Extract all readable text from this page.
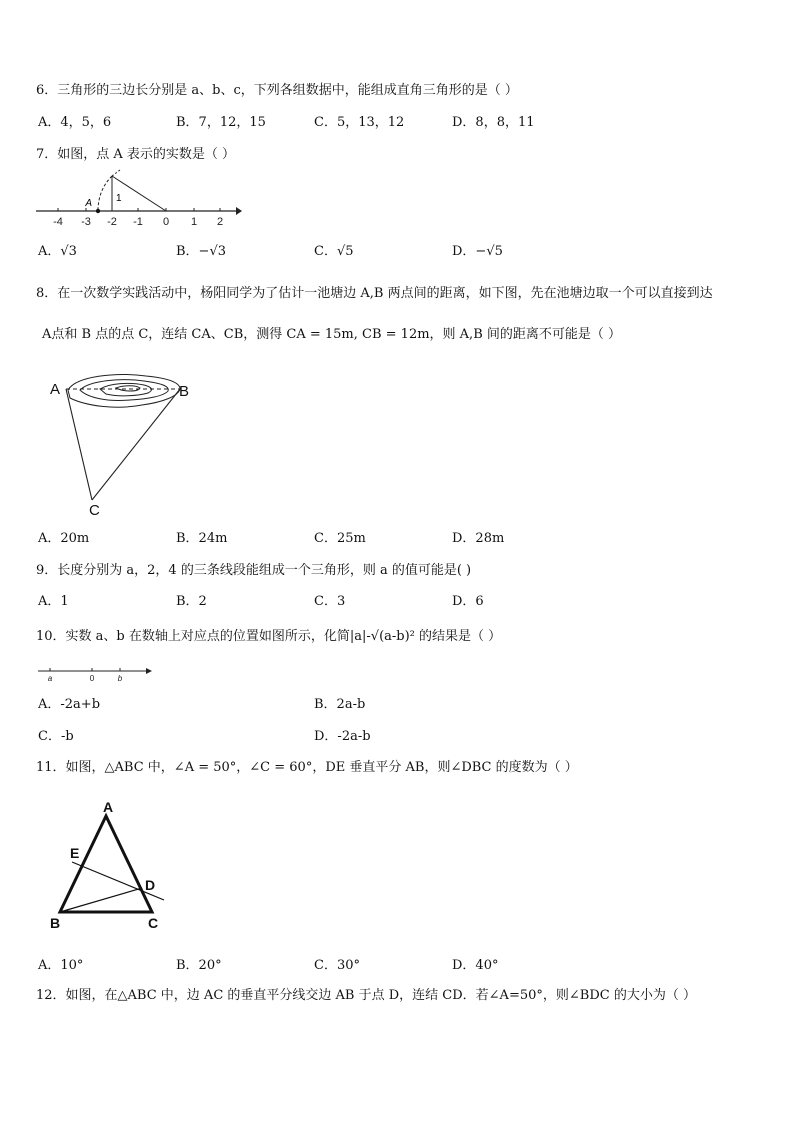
6．三角形的三边长分别是 a、b、c，下列各组数据中，能组成直角三角形的是（ ）
A．4，5，6	B．7，12，15	C．5，13，12	D．8，8，11
7．如图，点 A 表示的实数是（ ）
-4 -3 -2 -1 0 1 2
A 1
A．√3	B．−√3	C．√5	D．−√5
8．在一次数学实践活动中，杨阳同学为了估计一池塘边 A,B 两点间的距离，如下图，先在池塘边取一个可以直接到达
A点和 B 点的点 C，连结 CA、CB，测得 CA = 15m, CB = 12m，则 A,B 间的距离不可能是（ ）
A	B
C
A．20m	B．24m	C．25m	D．28m
9．长度分别为 a，2，4 的三条线段能组成一个三角形，则 a 的值可能是( )
A．1	B．2	C．3	D．6
10．实数 a、b 在数轴上对应点的位置如图所示，化简|a|-√(a-b)² 的结果是（ ）
a	0	b
A．-2a+b	B．2a-b
C．-b	D．-2a-b
11．如图，△ABC 中，∠A = 50°，∠C = 60°，DE 垂直平分 AB，则∠DBC 的度数为（ ）
A
E
D
B	C
A．10°	B．20°	C．30°	D．40°
12．如图，在△ABC 中，边 AC 的垂直平分线交边 AB 于点 D，连结 CD．若∠A=50°，则∠BDC 的大小为（ ）
